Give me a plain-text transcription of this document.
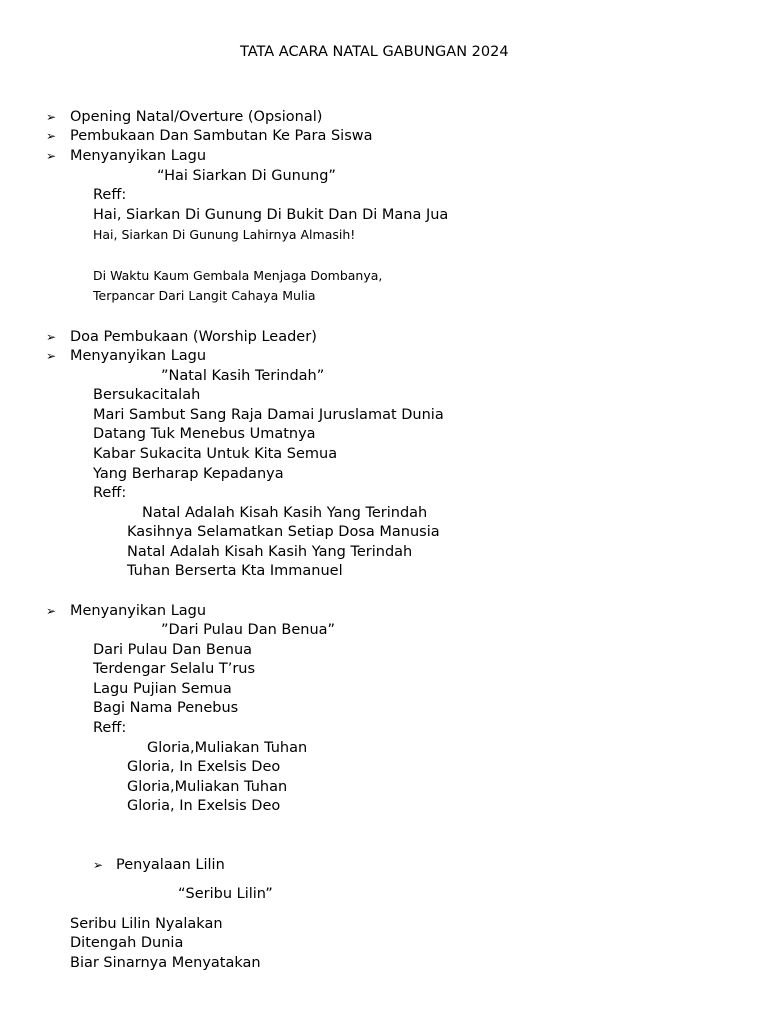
TATA ACARA NATAL GABUNGAN 2024
➢ Opening Natal/Overture (Opsional)
➢ Pembukaan Dan Sambutan Ke Para Siswa
➢ Menyanyikan Lagu
“Hai Siarkan Di Gunung”
Reff:
Hai, Siarkan Di Gunung Di Bukit Dan Di Mana Jua
Hai, Siarkan Di Gunung Lahirnya Almasih!
Di Waktu Kaum Gembala Menjaga Dombanya,
Terpancar Dari Langit Cahaya Mulia
➢ Doa Pembukaan (Worship Leader)
➢ Menyanyikan Lagu
”Natal Kasih Terindah”
Bersukacitalah
Mari Sambut Sang Raja Damai Juruslamat Dunia
Datang Tuk Menebus Umatnya
Kabar Sukacita Untuk Kita Semua
Yang Berharap Kepadanya
Reff:
Natal Adalah Kisah Kasih Yang Terindah
Kasihnya Selamatkan Setiap Dosa Manusia
Natal Adalah Kisah Kasih Yang Terindah
Tuhan Berserta Kta Immanuel
➢ Menyanyikan Lagu
”Dari Pulau Dan Benua”
Dari Pulau Dan Benua
Terdengar Selalu T’rus
Lagu Pujian Semua
Bagi Nama Penebus
Reff:
Gloria,Muliakan Tuhan
Gloria, In Exelsis Deo
Gloria,Muliakan Tuhan
Gloria, In Exelsis Deo
➢ Penyalaan Lilin
“Seribu Lilin”
Seribu Lilin Nyalakan
Ditengah Dunia
Biar Sinarnya Menyatakan
